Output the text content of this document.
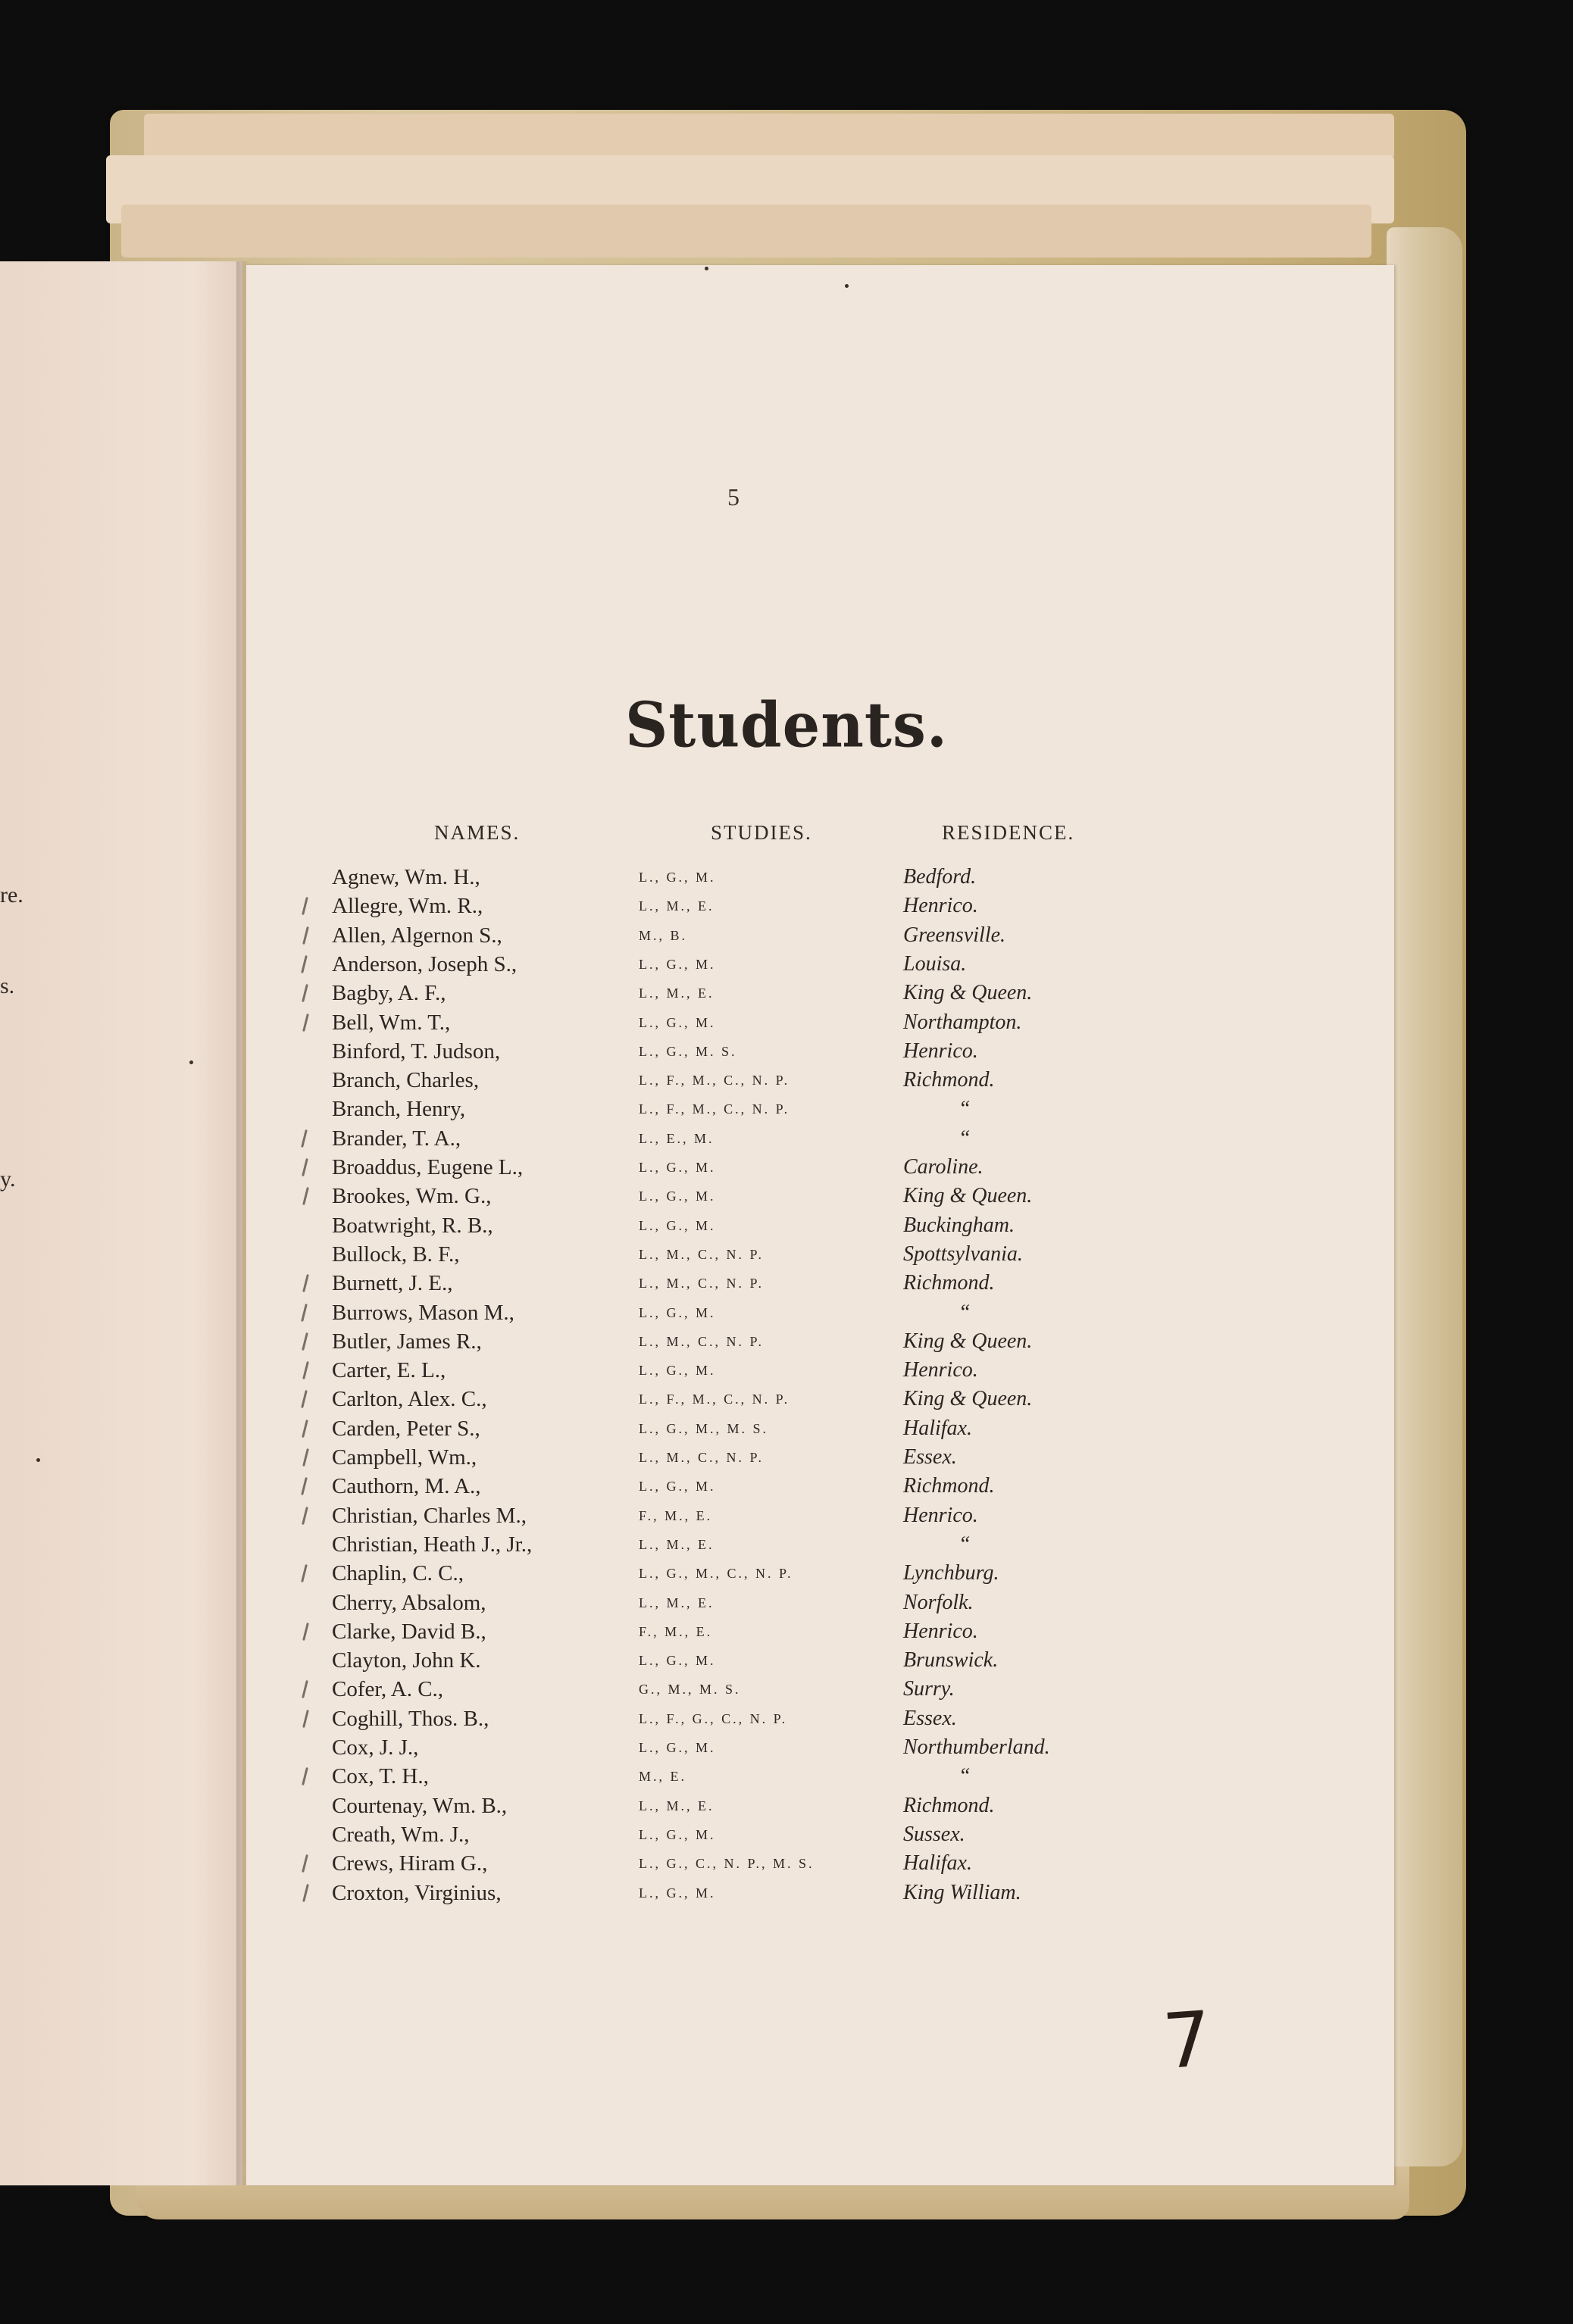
re.
s.
y.
5
Students.
NAMES.	STUDIES.	RESIDENCE.
Agnew, Wm. H.,	L., G., M.	Bedford.
Allegre, Wm. R.,	L., M., E.	Henrico.
Allen, Algernon S.,	M., B.	Greensville.
Anderson, Joseph S.,	L., G., M.	Louisa.
Bagby, A. F.,	L., M., E.	King & Queen.
Bell, Wm. T.,	L., G., M.	Northampton.
Binford, T. Judson,	L., G., M. S.	Henrico.
Branch, Charles,	L., F., M., C., N. P.	Richmond.
Branch, Henry,	L., F., M., C., N. P.	“
Brander, T. A.,	L., E., M.	“
Broaddus, Eugene L.,	L., G., M.	Caroline.
Brookes, Wm. G.,	L., G., M.	King & Queen.
Boatwright, R. B.,	L., G., M.	Buckingham.
Bullock, B. F.,	L., M., C., N. P.	Spottsylvania.
Burnett, J. E.,	L., M., C., N. P.	Richmond.
Burrows, Mason M.,	L., G., M.	“
Butler, James R.,	L., M., C., N. P.	King & Queen.
Carter, E. L.,	L., G., M.	Henrico.
Carlton, Alex. C.,	L., F., M., C., N. P.	King & Queen.
Carden, Peter S.,	L., G., M., M. S.	Halifax.
Campbell, Wm.,	L., M., C., N. P.	Essex.
Cauthorn, M. A.,	L., G., M.	Richmond.
Christian, Charles M.,	F., M., E.	Henrico.
Christian, Heath J., Jr.,	L., M., E.	“
Chaplin, C. C.,	L., G., M., C., N. P.	Lynchburg.
Cherry, Absalom,	L., M., E.	Norfolk.
Clarke, David B.,	F., M., E.	Henrico.
Clayton, John K.	L., G., M.	Brunswick.
Cofer, A. C.,	G., M., M. S.	Surry.
Coghill, Thos. B.,	L., F., G., C., N. P.	Essex.
Cox, J. J.,	L., G., M.	Northumberland.
Cox, T. H.,	M., E.	“
Courtenay, Wm. B.,	L., M., E.	Richmond.
Creath, Wm. J.,	L., G., M.	Sussex.
Crews, Hiram G.,	L., G., C., N. P., M. S.	Halifax.
Croxton, Virginius,	L., G., M.	King William.
7
